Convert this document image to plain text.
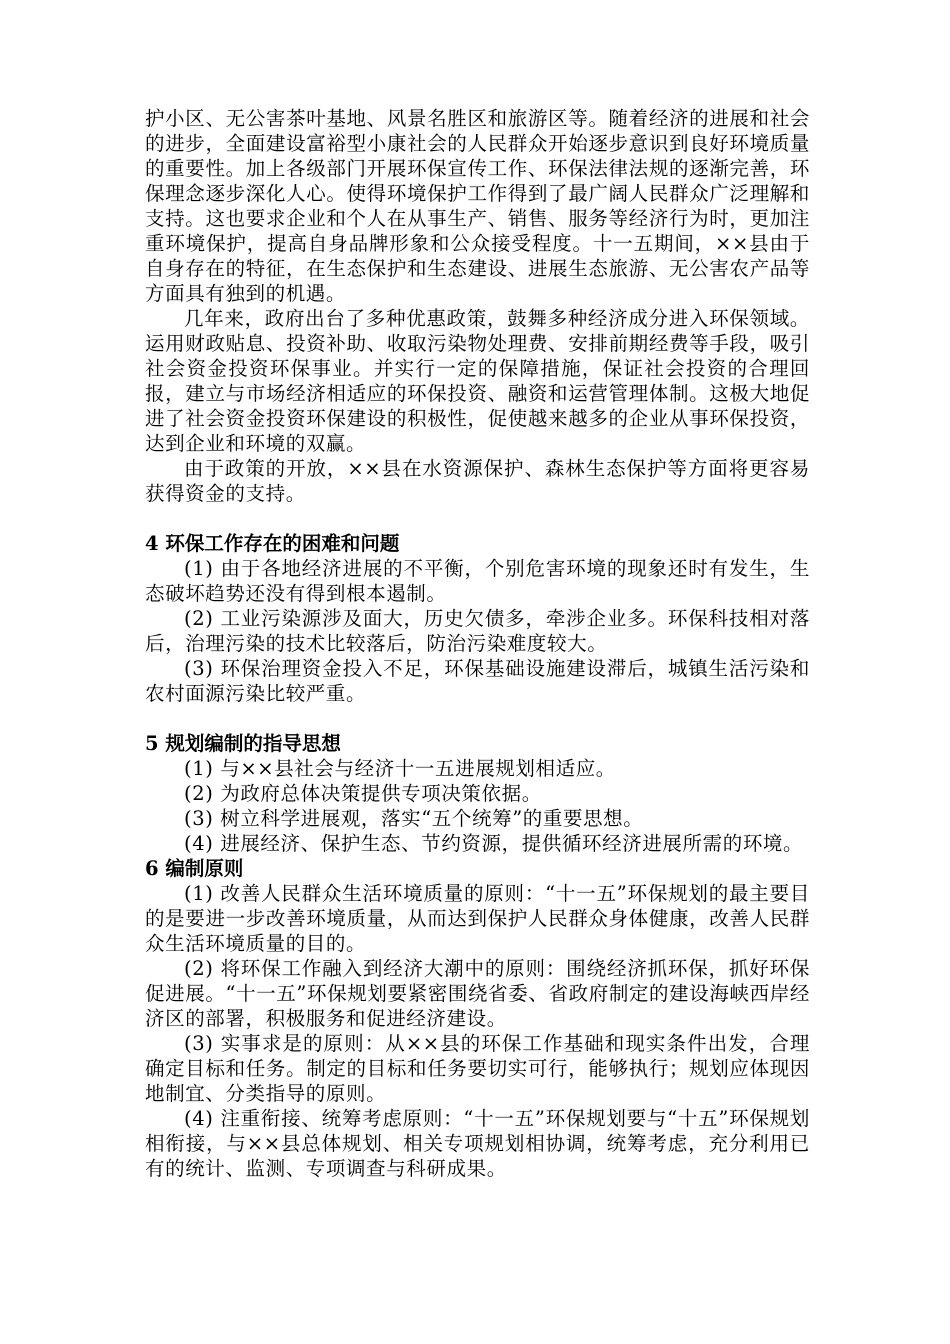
护小区、无公害茶叶基地、风景名胜区和旅游区等。随着经济的进展和社会的进步，全面建设富裕型小康社会的人民群众开始逐步意识到良好环境质量的重要性。加上各级部门开展环保宣传工作、环保法律法规的逐渐完善，环保理念逐步深化人心。使得环境保护工作得到了最广阔人民群众广泛理解和支持。这也要求企业和个人在从事生产、销售、服务等经济行为时，更加注重环境保护，提高自身品牌形象和公众接受程度。十一五期间，××县由于自身存在的特征，在生态保护和生态建设、进展生态旅游、无公害农产品等方面具有独到的机遇。

几年来，政府出台了多种优惠政策，鼓舞多种经济成分进入环保领域。运用财政贴息、投资补助、收取污染物处理费、安排前期经费等手段，吸引社会资金投资环保事业。并实行一定的保障措施，保证社会投资的合理回报，建立与市场经济相适应的环保投资、融资和运营管理体制。这极大地促进了社会资金投资环保建设的积极性，促使越来越多的企业从事环保投资，达到企业和环境的双赢。

由于政策的开放，××县在水资源保护、森林生态保护等方面将更容易获得资金的支持。

4 环保工作存在的困难和问题

(1) 由于各地经济进展的不平衡，个别危害环境的现象还时有发生，生态破坏趋势还没有得到根本遏制。

(2) 工业污染源涉及面大，历史欠债多，牵涉企业多。环保科技相对落后，治理污染的技术比较落后，防治污染难度较大。

(3) 环保治理资金投入不足，环保基础设施建设滞后，城镇生活污染和农村面源污染比较严重。

5 规划编制的指导思想

(1) 与××县社会与经济十一五进展规划相适应。

(2) 为政府总体决策提供专项决策依据。

(3) 树立科学进展观，落实“五个统筹”的重要思想。

(4) 进展经济、保护生态、节约资源，提供循环经济进展所需的环境。

6 编制原则

(1) 改善人民群众生活环境质量的原则：“十一五”环保规划的最主要目的是要进一步改善环境质量，从而达到保护人民群众身体健康，改善人民群众生活环境质量的目的。

(2) 将环保工作融入到经济大潮中的原则：围绕经济抓环保，抓好环保促进展。“十一五”环保规划要紧密围绕省委、省政府制定的建设海峡西岸经济区的部署，积极服务和促进经济建设。

(3) 实事求是的原则：从××县的环保工作基础和现实条件出发，合理确定目标和任务。制定的目标和任务要切实可行，能够执行；规划应体现因地制宜、分类指导的原则。

(4) 注重衔接、统筹考虑原则：“十一五”环保规划要与“十五”环保规划相衔接，与××县总体规划、相关专项规划相协调，统筹考虑，充分利用已有的统计、监测、专项调查与科研成果。
